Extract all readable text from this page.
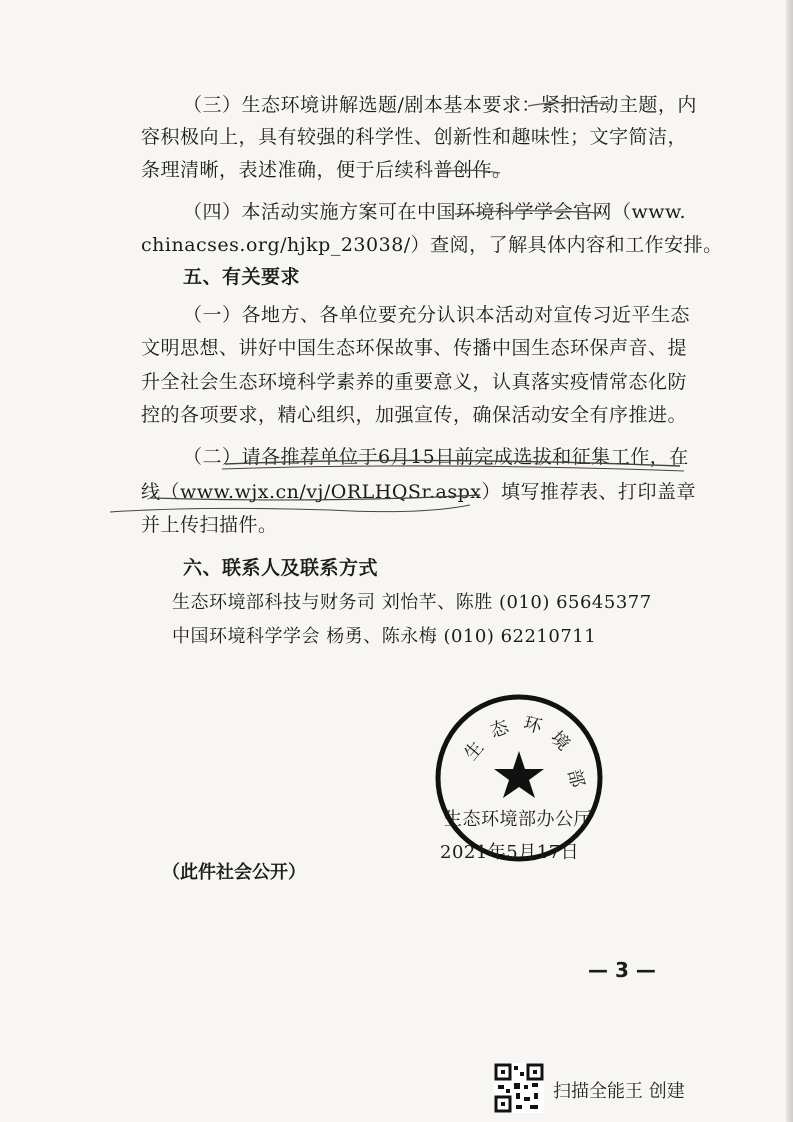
（三）生态环境讲解选题/剧本基本要求：紧扣活动主题，内
容积极向上，具有较强的科学性、创新性和趣味性；文字简洁，
条理清晰，表述准确，便于后续科普创作。
（四）本活动实施方案可在中国环境科学学会官网（www.
chinacses.org/hjkp_23038/）查阅，了解具体内容和工作安排。
五、有关要求
（一）各地方、各单位要充分认识本活动对宣传习近平生态
文明思想、讲好中国生态环保故事、传播中国生态环保声音、提
升全社会生态环境科学素养的重要意义，认真落实疫情常态化防
控的各项要求，精心组织，加强宣传，确保活动安全有序推进。
（二）请各推荐单位于6月15日前完成选拔和征集工作，在
线（www.wjx.cn/vj/ORLHQSr.aspx）填写推荐表、打印盖章
并上传扫描件。
六、联系人及联系方式
生态环境部科技与财务司 刘怡芊、陈胜 (010) 65645377
中国环境科学学会 杨勇、陈永梅 (010) 62210711
生
态 环
境
部
生态环境部办公厅
2021年5月17日
（此件社会公开）
— 3 —
扫描全能王 创建
